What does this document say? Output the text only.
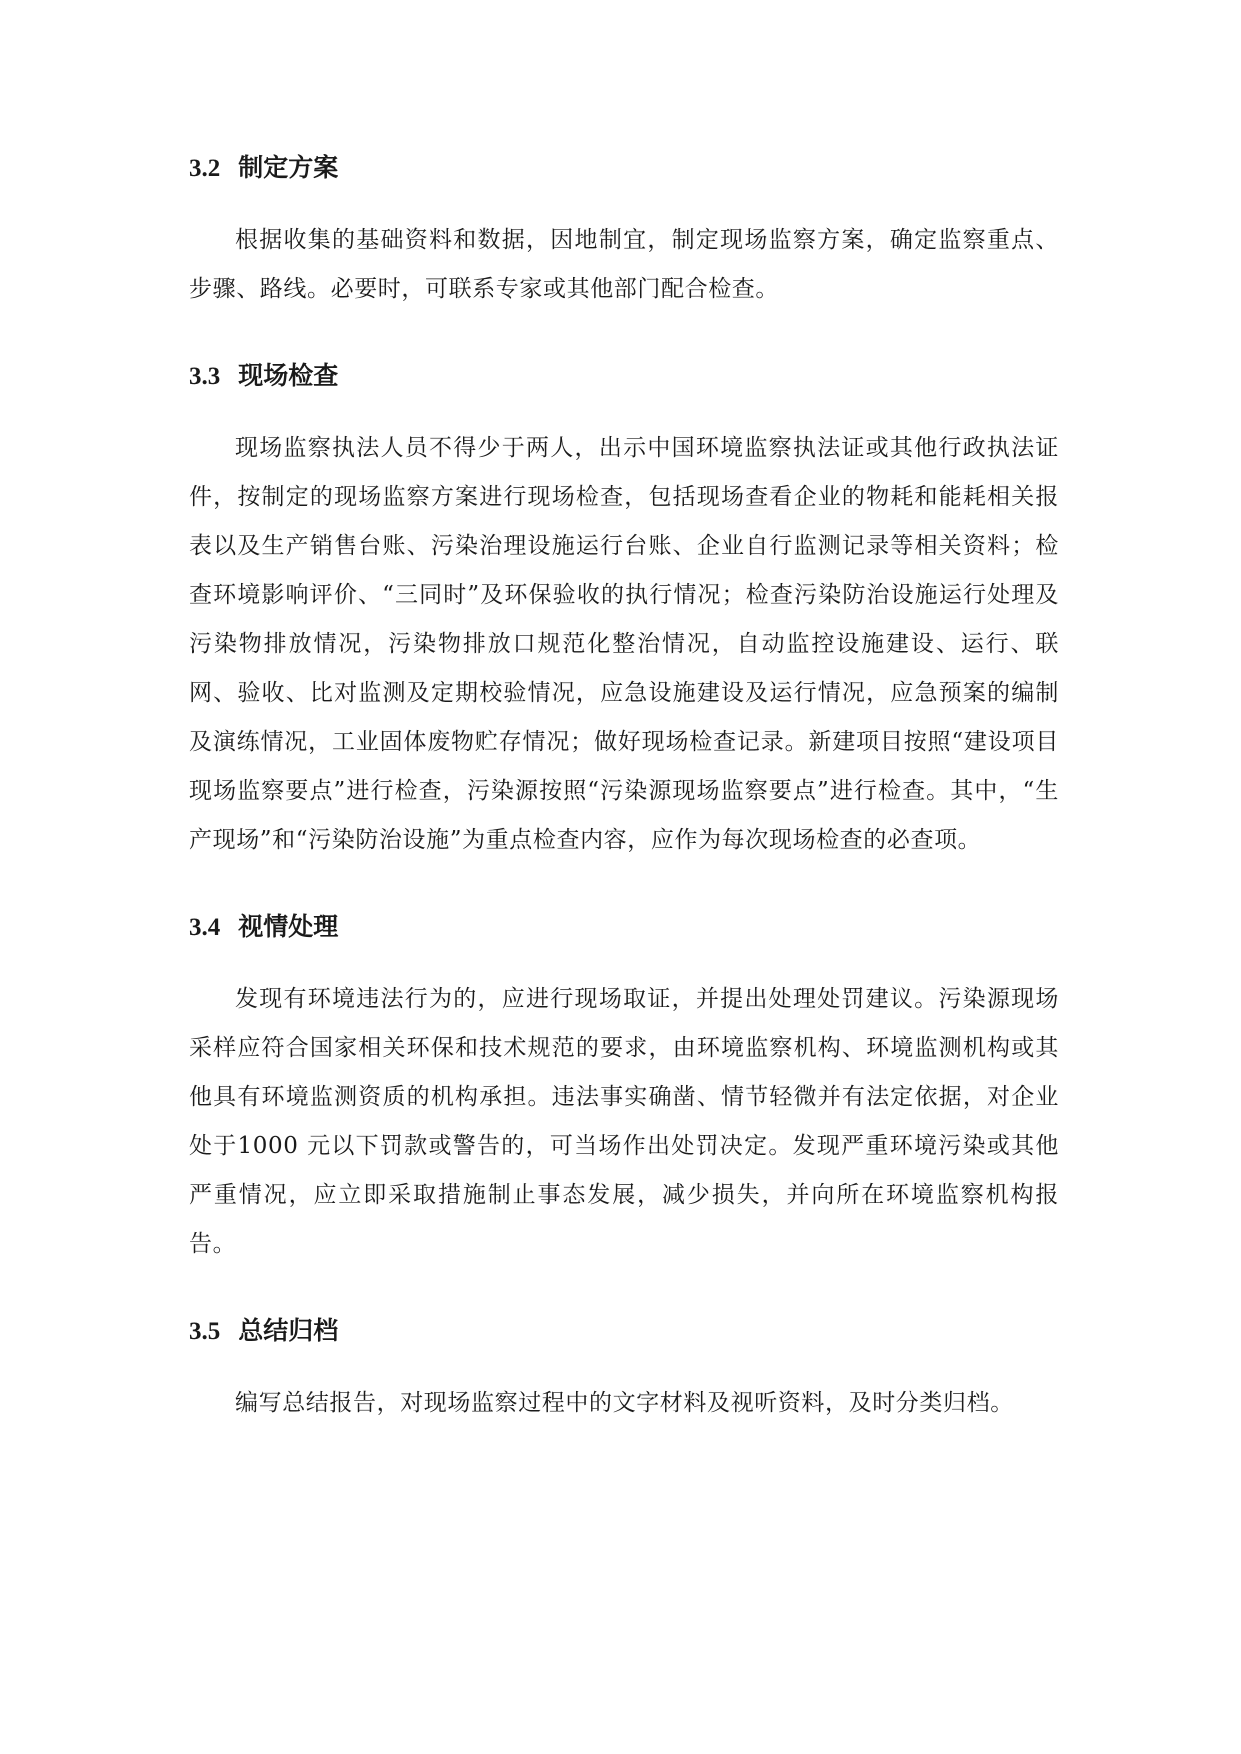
3.2 制定方案

根据收集的基础资料和数据，因地制宜，制定现场监察方案，确定监察重点、步骤、路线。必要时，可联系专家或其他部门配合检查。

3.3 现场检查

现场监察执法人员不得少于两人，出示中国环境监察执法证或其他行政执法证件，按制定的现场监察方案进行现场检查，包括现场查看企业的物耗和能耗相关报表以及生产销售台账、污染治理设施运行台账、企业自行监测记录等相关资料；检查环境影响评价、“三同时”及环保验收的执行情况；检查污染防治设施运行处理及污染物排放情况，污染物排放口规范化整治情况，自动监控设施建设、运行、联网、验收、比对监测及定期校验情况，应急设施建设及运行情况，应急预案的编制及演练情况，工业固体废物贮存情况；做好现场检查记录。新建项目按照“建设项目现场监察要点”进行检查，污染源按照“污染源现场监察要点”进行检查。其中，“生产现场”和“污染防治设施”为重点检查内容，应作为每次现场检查的必查项。

3.4 视情处理

发现有环境违法行为的，应进行现场取证，并提出处理处罚建议。污染源现场采样应符合国家相关环保和技术规范的要求，由环境监察机构、环境监测机构或其他具有环境监测资质的机构承担。违法事实确凿、情节轻微并有法定依据，对企业处于1000 元以下罚款或警告的，可当场作出处罚决定。发现严重环境污染或其他严重情况，应立即采取措施制止事态发展，减少损失，并向所在环境监察机构报告。

3.5 总结归档

编写总结报告，对现场监察过程中的文字材料及视听资料，及时分类归档。
